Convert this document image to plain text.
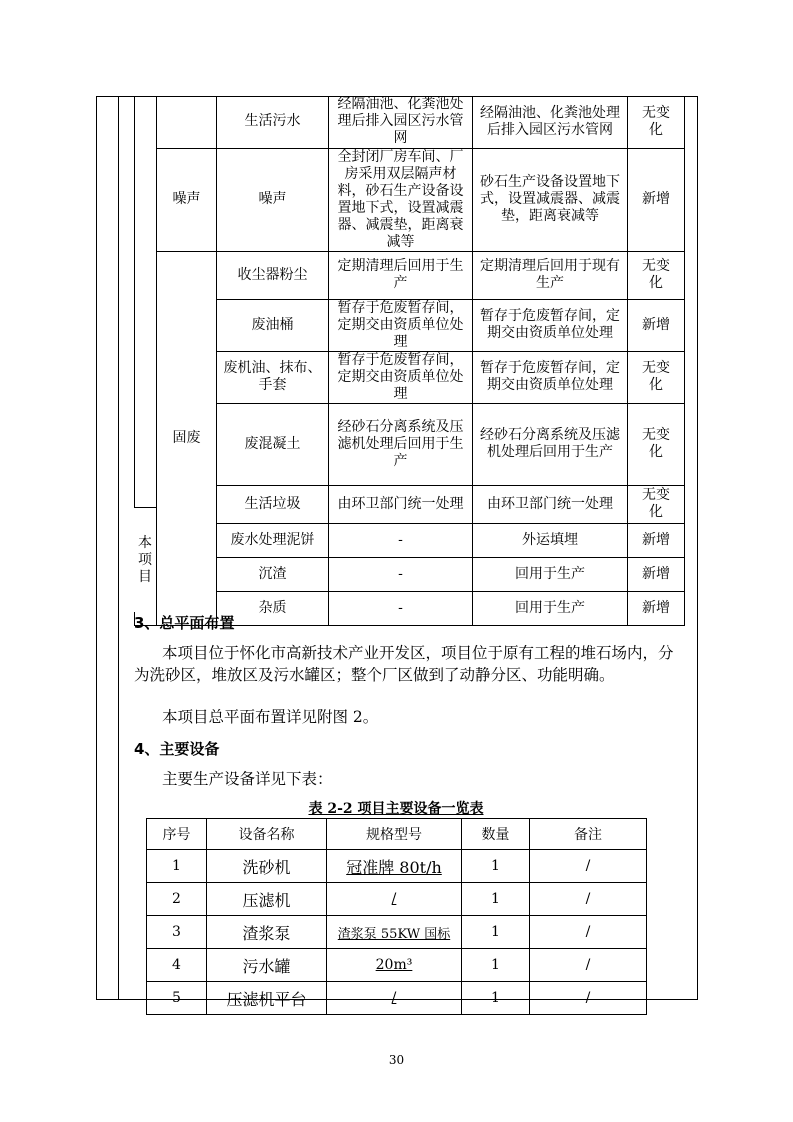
		生活污水	经隔油池、化粪池处理后排入园区污水管网	经隔油池、化粪池处理后排入园区污水管网	无变化
	噪声	噪声	全封闭厂房车间、厂房采用双层隔声材料，砂石生产设备设置地下式，设置减震器、减震垫，距离衰减等	砂石生产设备设置地下式，设置减震器、减震垫，距离衰减等	新增
	固废	收尘器粉尘	定期清理后回用于生产	定期清理后回用于现有生产	无变化
		废油桶	暂存于危废暂存间，定期交由资质单位处理	暂存于危废暂存间，定期交由资质单位处理	新增
		废机油、抹布、手套	暂存于危废暂存间，定期交由资质单位处理	暂存于危废暂存间，定期交由资质单位处理	无变化
		废混凝土	经砂石分离系统及压滤机处理后回用于生产	经砂石分离系统及压滤机处理后回用于生产	无变化
		生活垃圾	由环卫部门统一处理	由环卫部门统一处理	无变化
		废水处理泥饼	-	外运填埋	新增
		沉渣	-	回用于生产	新增
		杂质	-	回用于生产	新增
本项目

3、总平面布置

本项目位于怀化市高新技术产业开发区，项目位于原有工程的堆石场内，分为洗砂区，堆放区及污水罐区；整个厂区做到了动静分区、功能明确。

本项目总平面布置详见附图 2。

4、主要设备

主要生产设备详见下表：

表 2-2 项目主要设备一览表
序号	设备名称	规格型号	数量	备注
1	洗砂机	冠准牌 80t/h	1	/
2	压滤机	/	1	/
3	渣浆泵	渣浆泵 55KW 国标	1	/
4	污水罐	20m³	1	/
5	压滤机平台	/	1	/
30
